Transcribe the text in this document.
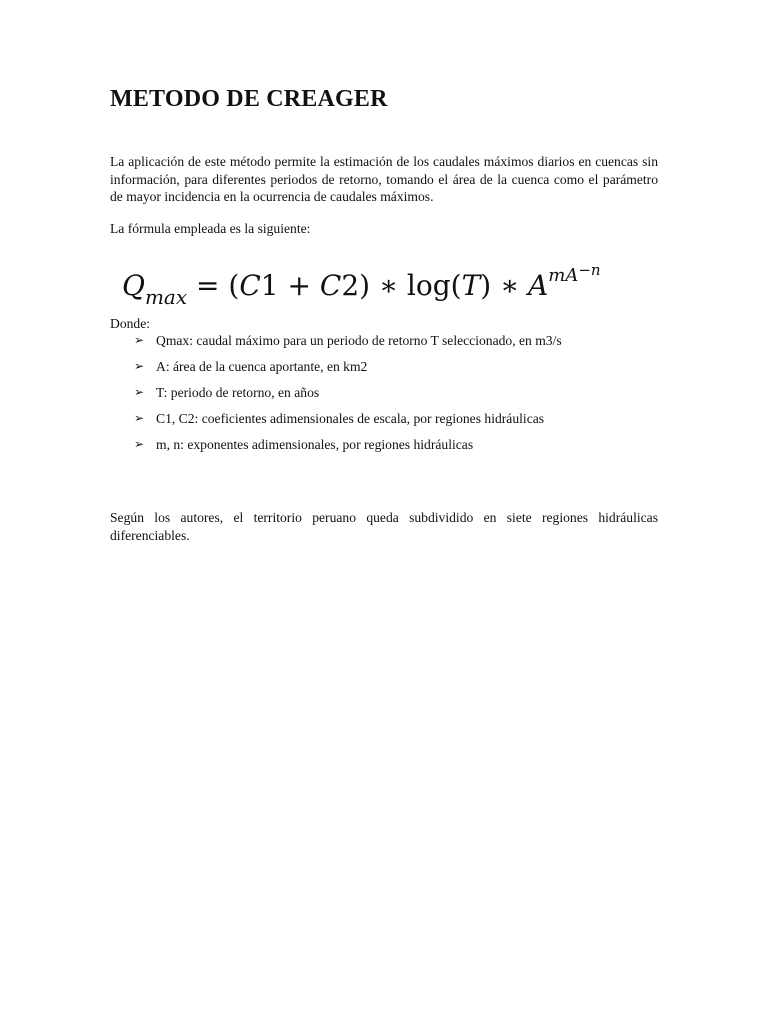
METODO DE CREAGER

La aplicación de este método permite la estimación de los caudales máximos diarios en cuencas sin información, para diferentes periodos de retorno, tomando el área de la cuenca como el parámetro de mayor incidencia en la ocurrencia de caudales máximos.

La fórmula empleada es la siguiente:

$Q_{max} = (C1 + C2)$ ∗ log(T) ∗ $A^{mA^{-n}}$

Donde:

➢ Qmax: caudal máximo para un periodo de retorno T seleccionado, en m3/s
➢ A: área de la cuenca aportante, en km2
➢ T: periodo de retorno, en años
➢ C1, C2: coeficientes adimensionales de escala, por regiones hidráulicas
➢ m, n: exponentes adimensionales, por regiones hidráulicas

Según los autores, el territorio peruano queda subdividido en siete regiones hidráulicas diferenciables.
